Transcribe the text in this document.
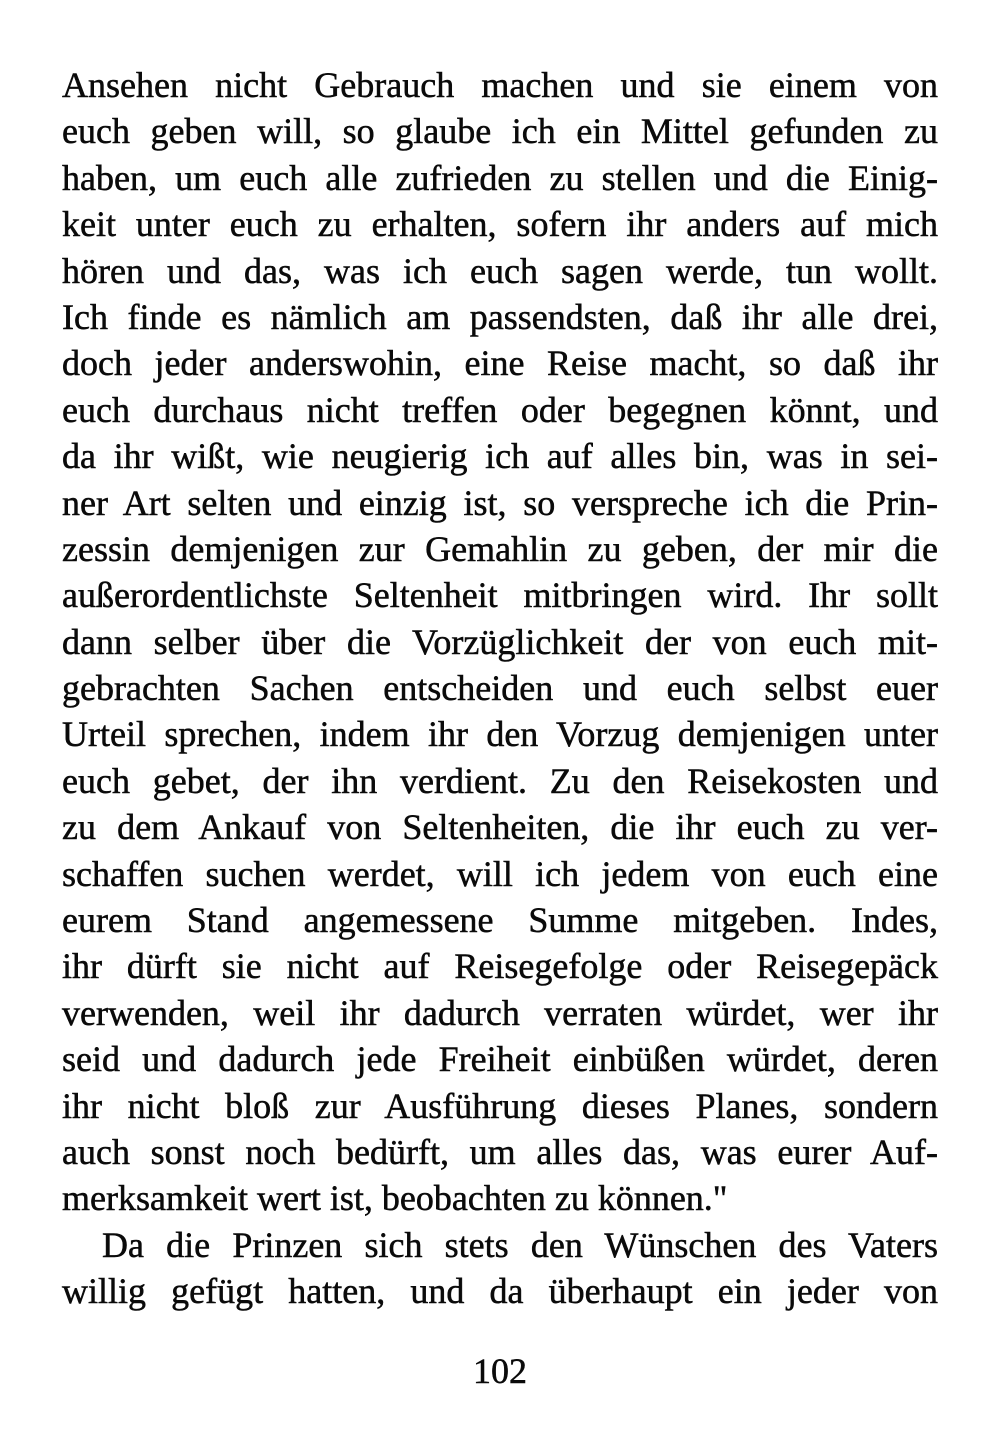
Ansehen nicht Gebrauch machen und sie einem von
euch geben will, so glaube ich ein Mittel gefunden zu
haben, um euch alle zufrieden zu stellen und die Einig-
keit unter euch zu erhalten, sofern ihr anders auf mich
hören und das, was ich euch sagen werde, tun wollt.
Ich finde es nämlich am passendsten, daß ihr alle drei,
doch jeder anderswohin, eine Reise macht, so daß ihr
euch durchaus nicht treffen oder begegnen könnt, und
da ihr wißt, wie neugierig ich auf alles bin, was in sei-
ner Art selten und einzig ist, so verspreche ich die Prin-
zessin demjenigen zur Gemahlin zu geben, der mir die
außerordentlichste Seltenheit mitbringen wird. Ihr sollt
dann selber über die Vorzüglichkeit der von euch mit-
gebrachten Sachen entscheiden und euch selbst euer
Urteil sprechen, indem ihr den Vorzug demjenigen unter
euch gebet, der ihn verdient. Zu den Reisekosten und
zu dem Ankauf von Seltenheiten, die ihr euch zu ver-
schaffen suchen werdet, will ich jedem von euch eine
eurem Stand angemessene Summe mitgeben. Indes,
ihr dürft sie nicht auf Reisegefolge oder Reisegepäck
verwenden, weil ihr dadurch verraten würdet, wer ihr
seid und dadurch jede Freiheit einbüßen würdet, deren
ihr nicht bloß zur Ausführung dieses Planes, sondern
auch sonst noch bedürft, um alles das, was eurer Auf-
merksamkeit wert ist, beobachten zu können."
Da die Prinzen sich stets den Wünschen des Vaters
willig gefügt hatten, und da überhaupt ein jeder von
102
